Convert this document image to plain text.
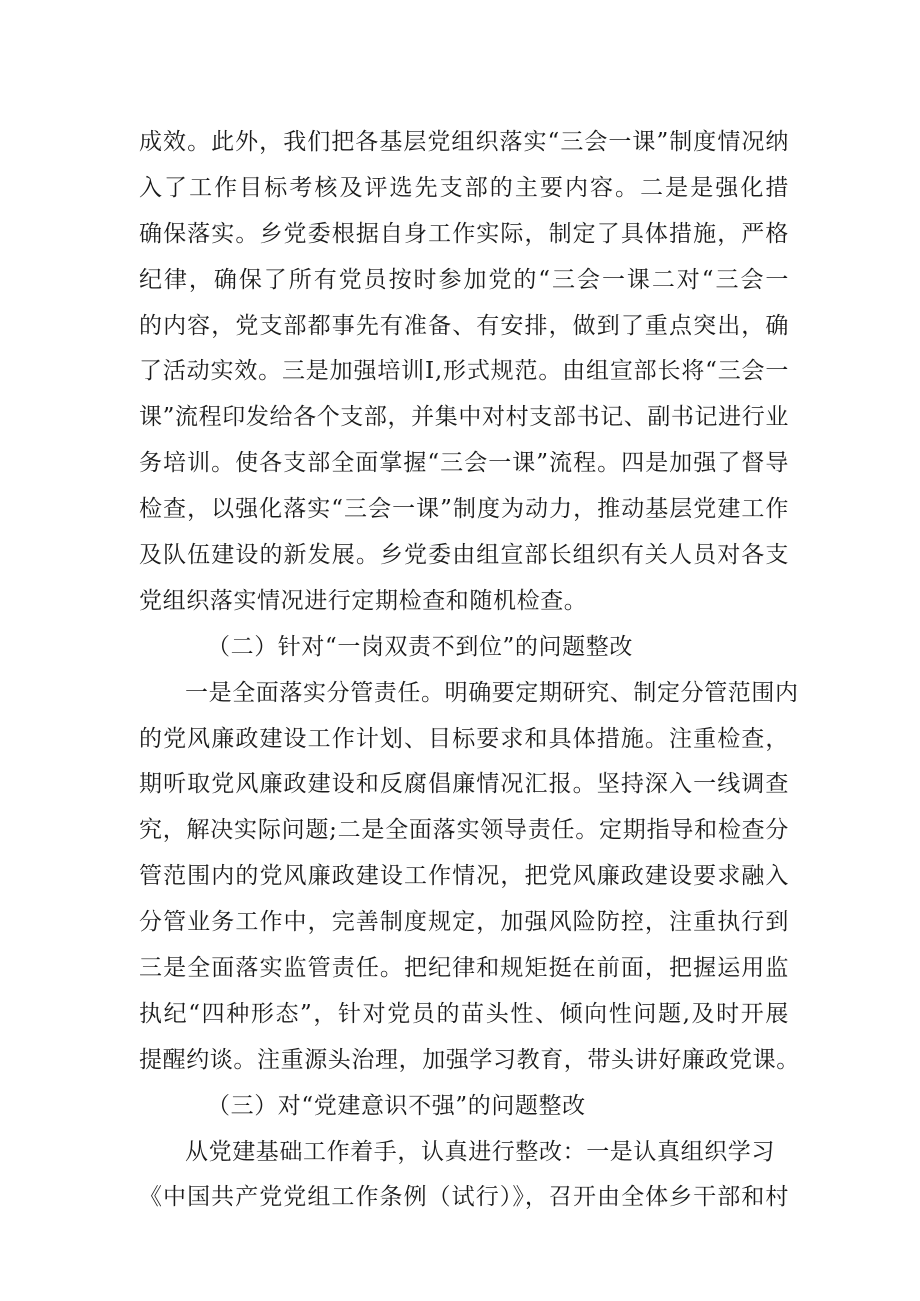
成效。此外，我们把各基层党组织落实“三会一课”制度情况纳
入了工作目标考核及评选先支部的主要内容。二是是强化措
确保落实。乡党委根据自身工作实际，制定了具体措施，严格
纪律，确保了所有党员按时参加党的“三会一课二对“三会一
的内容，党支部都事先有准备、有安排，做到了重点突出，确
了活动实效。三是加强培训Ⅰ,形式规范。由组宣部长将“三会一
课”流程印发给各个支部，并集中对村支部书记、副书记进行业
务培训。使各支部全面掌握“三会一课”流程。四是加强了督导
检查，以强化落实“三会一课”制度为动力，推动基层党建工作
及队伍建设的新发展。乡党委由组宣部长组织有关人员对各支
党组织落实情况进行定期检查和随机检查。
（二）针对“一岗双责不到位”的问题整改
一是全面落实分管责任。明确要定期研究、制定分管范围内
的党风廉政建设工作计划、目标要求和具体措施。注重检查，
期听取党风廉政建设和反腐倡廉情况汇报。坚持深入一线调查
究，解决实际问题;二是全面落实领导责任。定期指导和检查分
管范围内的党风廉政建设工作情况，把党风廉政建设要求融入
分管业务工作中，完善制度规定，加强风险防控，注重执行到
三是全面落实监管责任。把纪律和规矩挺在前面，把握运用监
执纪“四种形态”，针对党员的苗头性、倾向性问题,及时开展
提醒约谈。注重源头治理，加强学习教育，带头讲好廉政党课。
（三）对“党建意识不强”的问题整改
从党建基础工作着手，认真进行整改：一是认真组织学习
《中国共产党党组工作条例（试行）》，召开由全体乡干部和村
